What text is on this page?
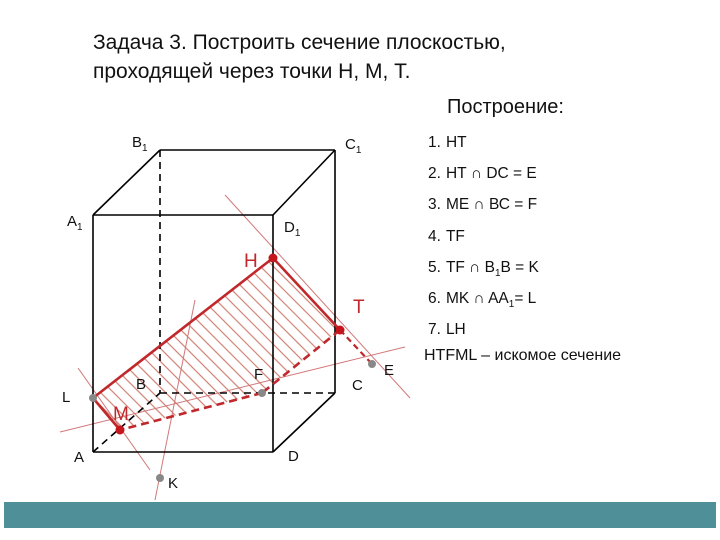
Задача 3. Построить сечение плоскостью,
проходящей через точки Н, М, Т.
Построение:
1. НТ
2. НТ ∩ DC = E
3. МЕ ∩ ВС = F
4. TF
5. TF ∩ $B_1B = K$
6. MK ∩ $AA_1= L$
7. LH
HTFML – искомое сечение
$B_1$	$C_1$
$A_1$	$D_1$
H
T
L
B
F
C
E
M
A	D
K
